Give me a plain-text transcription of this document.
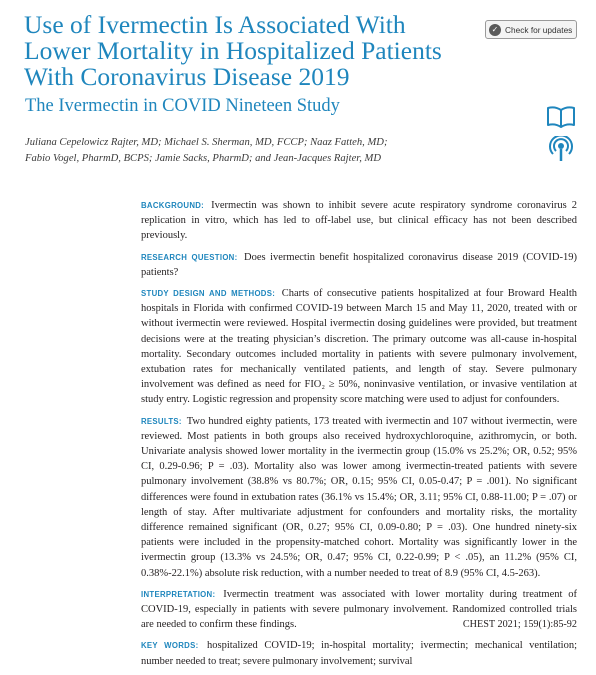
Use of Ivermectin Is Associated With Lower Mortality in Hospitalized Patients With Coronavirus Disease 2019
✓ Check for updates
The Ivermectin in COVID Nineteen Study
Juliana Cepelowicz Rajter, MD; Michael S. Sherman, MD, FCCP; Naaz Fatteh, MD;
Fabio Vogel, PharmD, BCPS; Jamie Sacks, PharmD; and Jean-Jacques Rajter, MD

BACKGROUND: Ivermectin was shown to inhibit severe acute respiratory syndrome coronavirus 2 replication in vitro, which has led to off-label use, but clinical efficacy has not been described previously.

RESEARCH QUESTION: Does ivermectin benefit hospitalized coronavirus disease 2019 (COVID-19) patients?

STUDY DESIGN AND METHODS: Charts of consecutive patients hospitalized at four Broward Health hospitals in Florida with confirmed COVID-19 between March 15 and May 11, 2020, treated with or without ivermectin were reviewed. Hospital ivermectin dosing guidelines were provided, but treatment decisions were at the treating physician’s discretion. The primary outcome was all-cause in-hospital mortality. Secondary outcomes included mortality in patients with severe pulmonary involvement, extubation rates for mechanically ventilated patients, and length of stay. Severe pulmonary involvement was defined as need for FIO₂ ≥ 50%, noninvasive ventilation, or invasive ventilation at study entry. Logistic regression and propensity score matching were used to adjust for confounders.

RESULTS: Two hundred eighty patients, 173 treated with ivermectin and 107 without ivermectin, were reviewed. Most patients in both groups also received hydroxychloroquine, azithromycin, or both. Univariate analysis showed lower mortality in the ivermectin group (15.0% vs 25.2%; OR, 0.52; 95% CI, 0.29-0.96; P = .03). Mortality also was lower among ivermectin-treated patients with severe pulmonary involvement (38.8% vs 80.7%; OR, 0.15; 95% CI, 0.05-0.47; P = .001). No significant differences were found in extubation rates (36.1% vs 15.4%; OR, 3.11; 95% CI, 0.88-11.00; P = .07) or length of stay. After multivariate adjustment for confounders and mortality risks, the mortality difference remained significant (OR, 0.27; 95% CI, 0.09-0.80; P = .03). One hundred ninety-six patients were included in the propensity-matched cohort. Mortality was significantly lower in the ivermectin group (13.3% vs 24.5%; OR, 0.47; 95% CI, 0.22-0.99; P < .05), an 11.2% (95% CI, 0.38%-22.1%) absolute risk reduction, with a number needed to treat of 8.9 (95% CI, 4.5-263).

INTERPRETATION: Ivermectin treatment was associated with lower mortality during treatment of COVID-19, especially in patients with severe pulmonary involvement. Randomized controlled trials are needed to confirm these findings.	CHEST 2021; 159(1):85-92

KEY WORDS: hospitalized COVID-19; in-hospital mortality; ivermectin; mechanical ventilation; number needed to treat; severe pulmonary involvement; survival
